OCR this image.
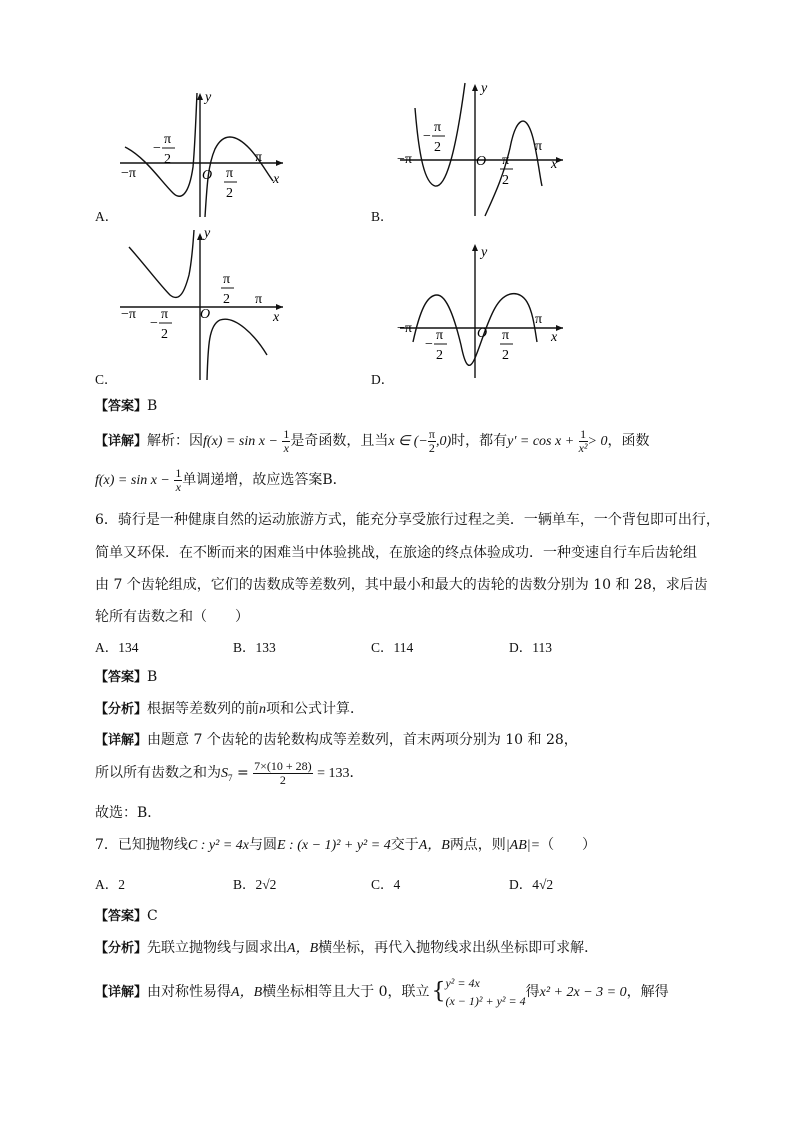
y
x
O
−π
π
−
π
2
π
2
A．
y
x
O
−π
π
−
π
2
π
2
B．
y
x
O
−π
π
−
π
2
π
2
C．
y
x
O
−π
π
−
π
2
π
2
D．
【答案】B
【详解】解析：因$f(x) = \sin x - \frac{1}{x}$ 是奇函数，且当x ∈ (− $\frac{\pi}{2} ,0$)时，都有$y' = \cos x + \frac{1}{\text{x²}} > 0$，函数
$f(x) = \sin x - \frac{1}{x}$ 单调递增，故应选答案B．
6．骑行是一种健康自然的运动旅游方式，能充分享受旅行过程之美．一辆单车，一个背包即可出行，
简单又环保．在不断而来的困难当中体验挑战，在旅途的终点体验成功．一种变速自行车后齿轮组
由 7 个齿轮组成，它们的齿数成等差数列，其中最小和最大的齿轮的齿数分别为 10 和 28，求后齿
轮所有齿数之和（　　）
A．134	B．133	C．114	D．113
【答案】B
【分析】根据等差数列的前n项和公式计算．
【详解】由题意 7 个齿轮的齿轮数构成等差数列，首末两项分别为 10 和 28，
所以所有齿数之和为$S_7 = \frac{7\times(10 + 28)}{2} = 133$．
故选：B．
7．已知抛物线C : y² = 4x与圆E : (x − 1)² + y² = 4交于A，B两点，则|AB|=（　　）
A．2	B．2√2	C．4	D．4√2
【答案】C
【分析】先联立抛物线与圆求出A，B横坐标，再代入抛物线求出纵坐标即可求解．
【详解】由对称性易得A，B横坐标相等且大于 0，联立{ y² = 4x
(x − 1)² + y² = 4
得x² + 2x − 3 = 0，解得
